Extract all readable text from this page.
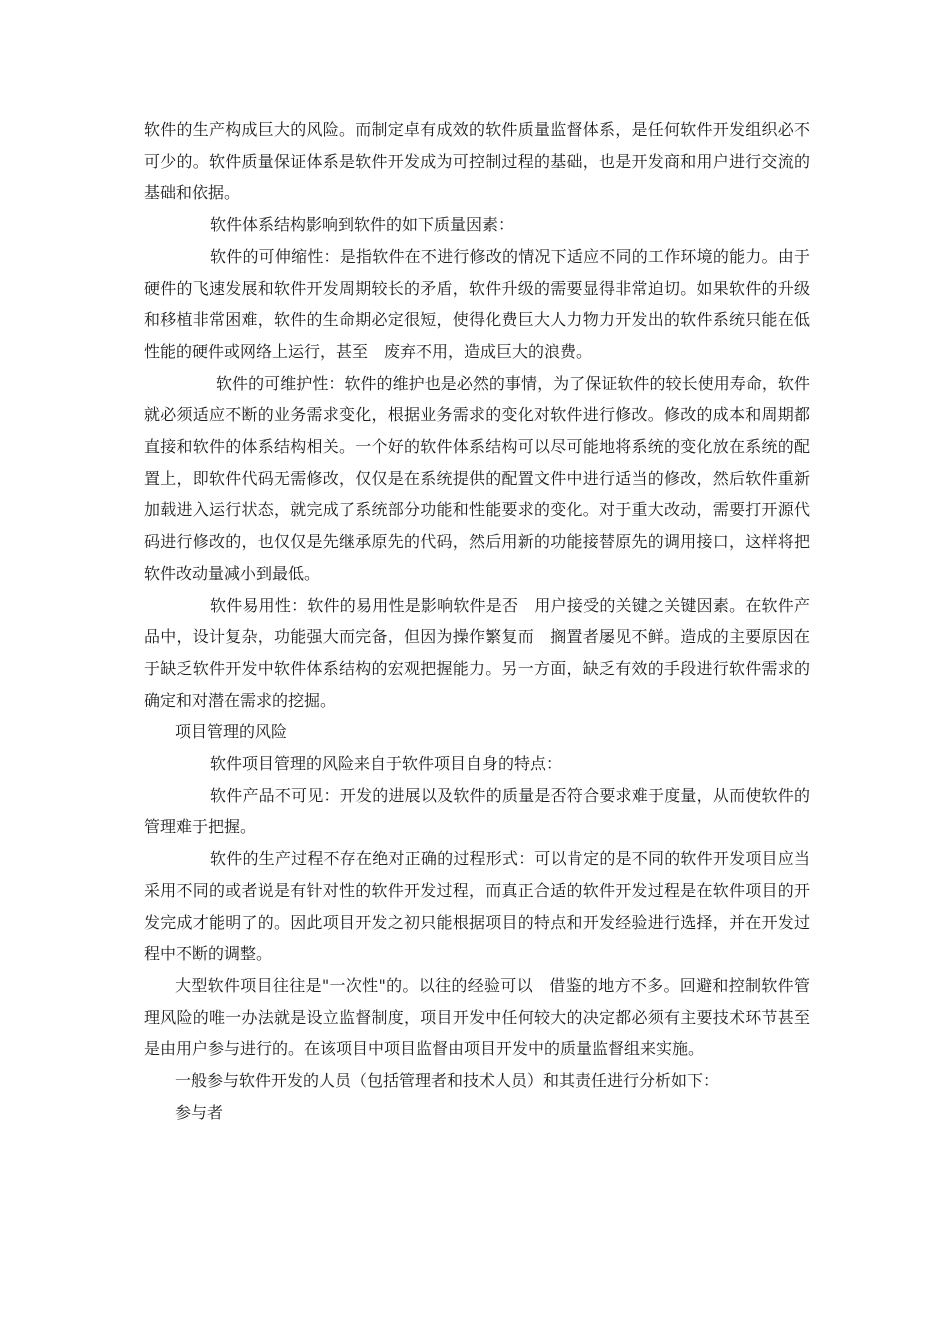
软件的生产构成巨大的风险。而制定卓有成效的软件质量监督体系，是任何软件开发组织必不可少的。软件质量保证体系是软件开发成为可控制过程的基础，也是开发商和用户进行交流的基础和依据。

软件体系结构影响到软件的如下质量因素：

软件的可伸缩性：是指软件在不进行修改的情况下适应不同的工作环境的能力。由于硬件的飞速发展和软件开发周期较长的矛盾，软件升级的需要显得非常迫切。如果软件的升级和移植非常困难，软件的生命期必定很短，使得化费巨大人力物力开发出的软件系统只能在低性能的硬件或网络上运行，甚至　废弃不用，造成巨大的浪费。

软件的可维护性：软件的维护也是必然的事情，为了保证软件的较长使用寿命，软件就必须适应不断的业务需求变化，根据业务需求的变化对软件进行修改。修改的成本和周期都直接和软件的体系结构相关。一个好的软件体系结构可以尽可能地将系统的变化放在系统的配置上，即软件代码无需修改，仅仅是在系统提供的配置文件中进行适当的修改，然后软件重新加载进入运行状态，就完成了系统部分功能和性能要求的变化。对于重大改动，需要打开源代码进行修改的，也仅仅是先继承原先的代码，然后用新的功能接替原先的调用接口，这样将把软件改动量减小到最低。

软件易用性：软件的易用性是影响软件是否　用户接受的关键之关键因素。在软件产品中，设计复杂，功能强大而完备，但因为操作繁复而　搁置者屡见不鲜。造成的主要原因在于缺乏软件开发中软件体系结构的宏观把握能力。另一方面，缺乏有效的手段进行软件需求的确定和对潜在需求的挖掘。

项目管理的风险

软件项目管理的风险来自于软件项目自身的特点：

软件产品不可见：开发的进展以及软件的质量是否符合要求难于度量，从而使软件的管理难于把握。

软件的生产过程不存在绝对正确的过程形式：可以肯定的是不同的软件开发项目应当采用不同的或者说是有针对性的软件开发过程，而真正合适的软件开发过程是在软件项目的开发完成才能明了的。因此项目开发之初只能根据项目的特点和开发经验进行选择，并在开发过程中不断的调整。

大型软件项目往往是"一次性"的。以往的经验可以　借鉴的地方不多。回避和控制软件管理风险的唯一办法就是设立监督制度，项目开发中任何较大的决定都必须有主要技术环节甚至是由用户参与进行的。在该项目中项目监督由项目开发中的质量监督组来实施。

一般参与软件开发的人员（包括管理者和技术人员）和其责任进行分析如下：

参与者
